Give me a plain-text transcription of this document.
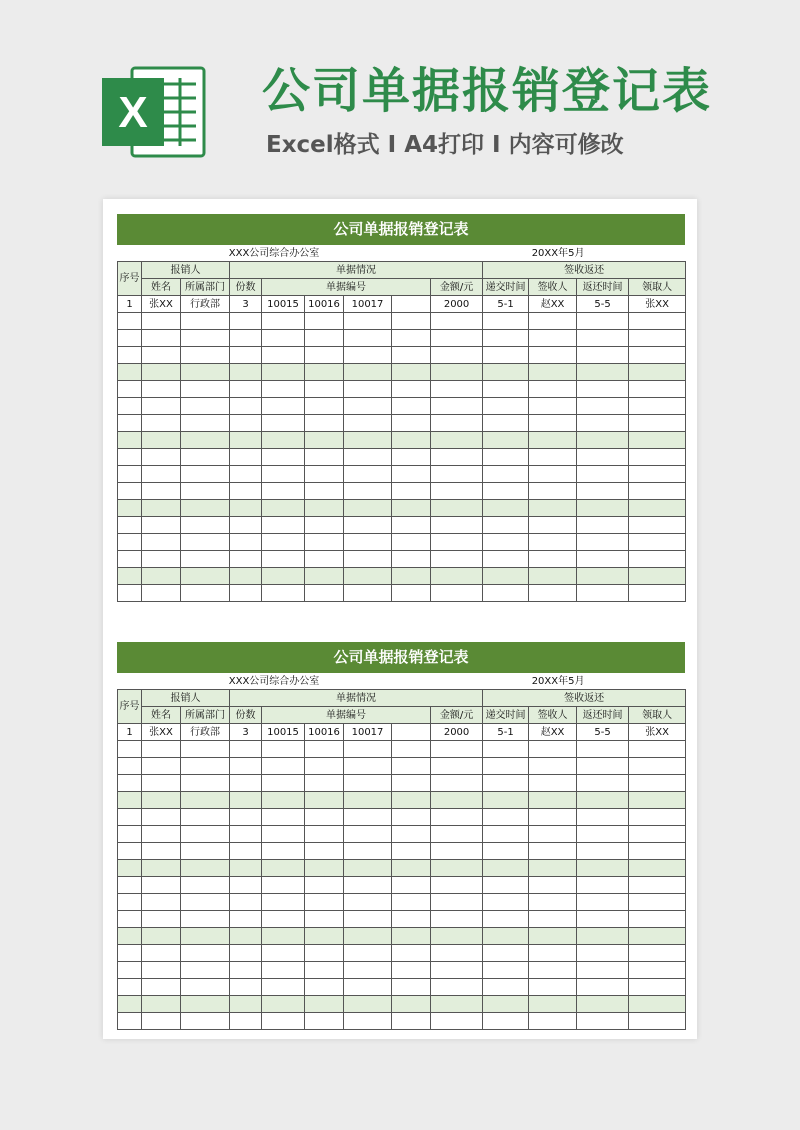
X 公司单据报销登记表
Excel格式 I A4打印 I 内容可修改
公司单据报销登记表
XXX公司综合办公室								20XX年5月				
序号	报销人		单据情况						签收返还			
	姓名	所属部门	份数	单据编号				金额/元	递交时间	签收人	返还时间	领取人
1	张XX	行政部	3	10015	10016	10017		2000	5-1	赵XX	5-5	张XX

公司单据报销登记表
XXX公司综合办公室								20XX年5月				
序号	报销人		单据情况						签收返还			
	姓名	所属部门	份数	单据编号				金额/元	递交时间	签收人	返还时间	领取人
1	张XX	行政部	3	10015	10016	10017		2000	5-1	赵XX	5-5	张XX
